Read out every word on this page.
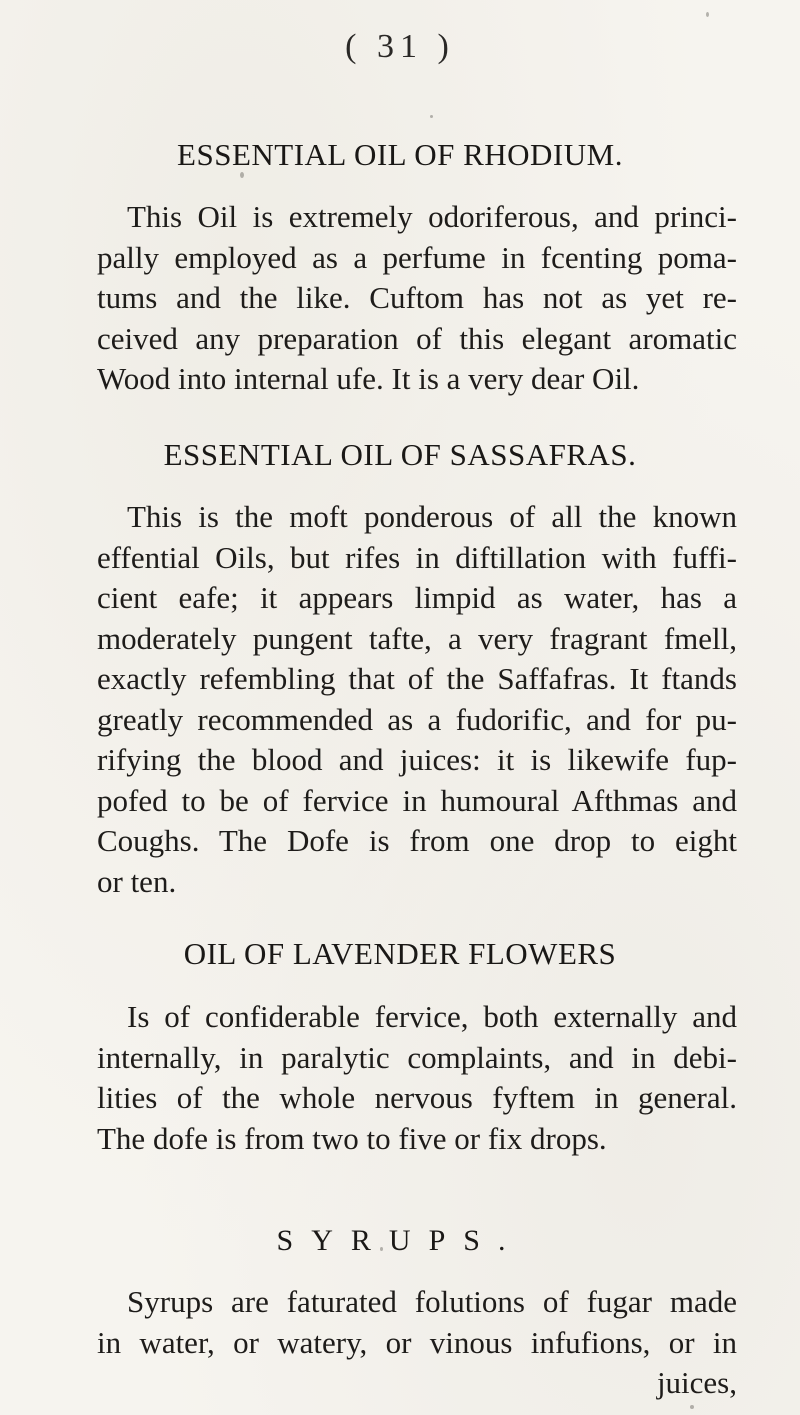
( 31 )
ESSENTIAL OIL OF RHODIUM.
This Oil is extremely odoriferous, and princi-
pally employed as a perfume in fcenting poma-
tums and the like. Cuftom has not as yet re-
ceived any preparation of this elegant aromatic
Wood into internal ufe. It is a very dear Oil.
ESSENTIAL OIL OF SASSAFRAS.
This is the moft ponderous of all the known
effential Oils, but rifes in diftillation with fuffi-
cient eafe; it appears limpid as water, has a
moderately pungent tafte, a very fragrant fmell,
exactly refembling that of the Saffafras. It ftands
greatly recommended as a fudorific, and for pu-
rifying the blood and juices: it is likewife fup-
pofed to be of fervice in humoural Afthmas and
Coughs. The Dofe is from one drop to eight
or ten.
OIL OF LAVENDER FLOWERS
Is of confiderable fervice, both externally and
internally, in paralytic complaints, and in debi-
lities of the whole nervous fyftem in general.
The dofe is from two to five or fix drops.
SYRUPS.
Syrups are faturated folutions of fugar made
in water, or watery, or vinous infufions, or in
juices,
